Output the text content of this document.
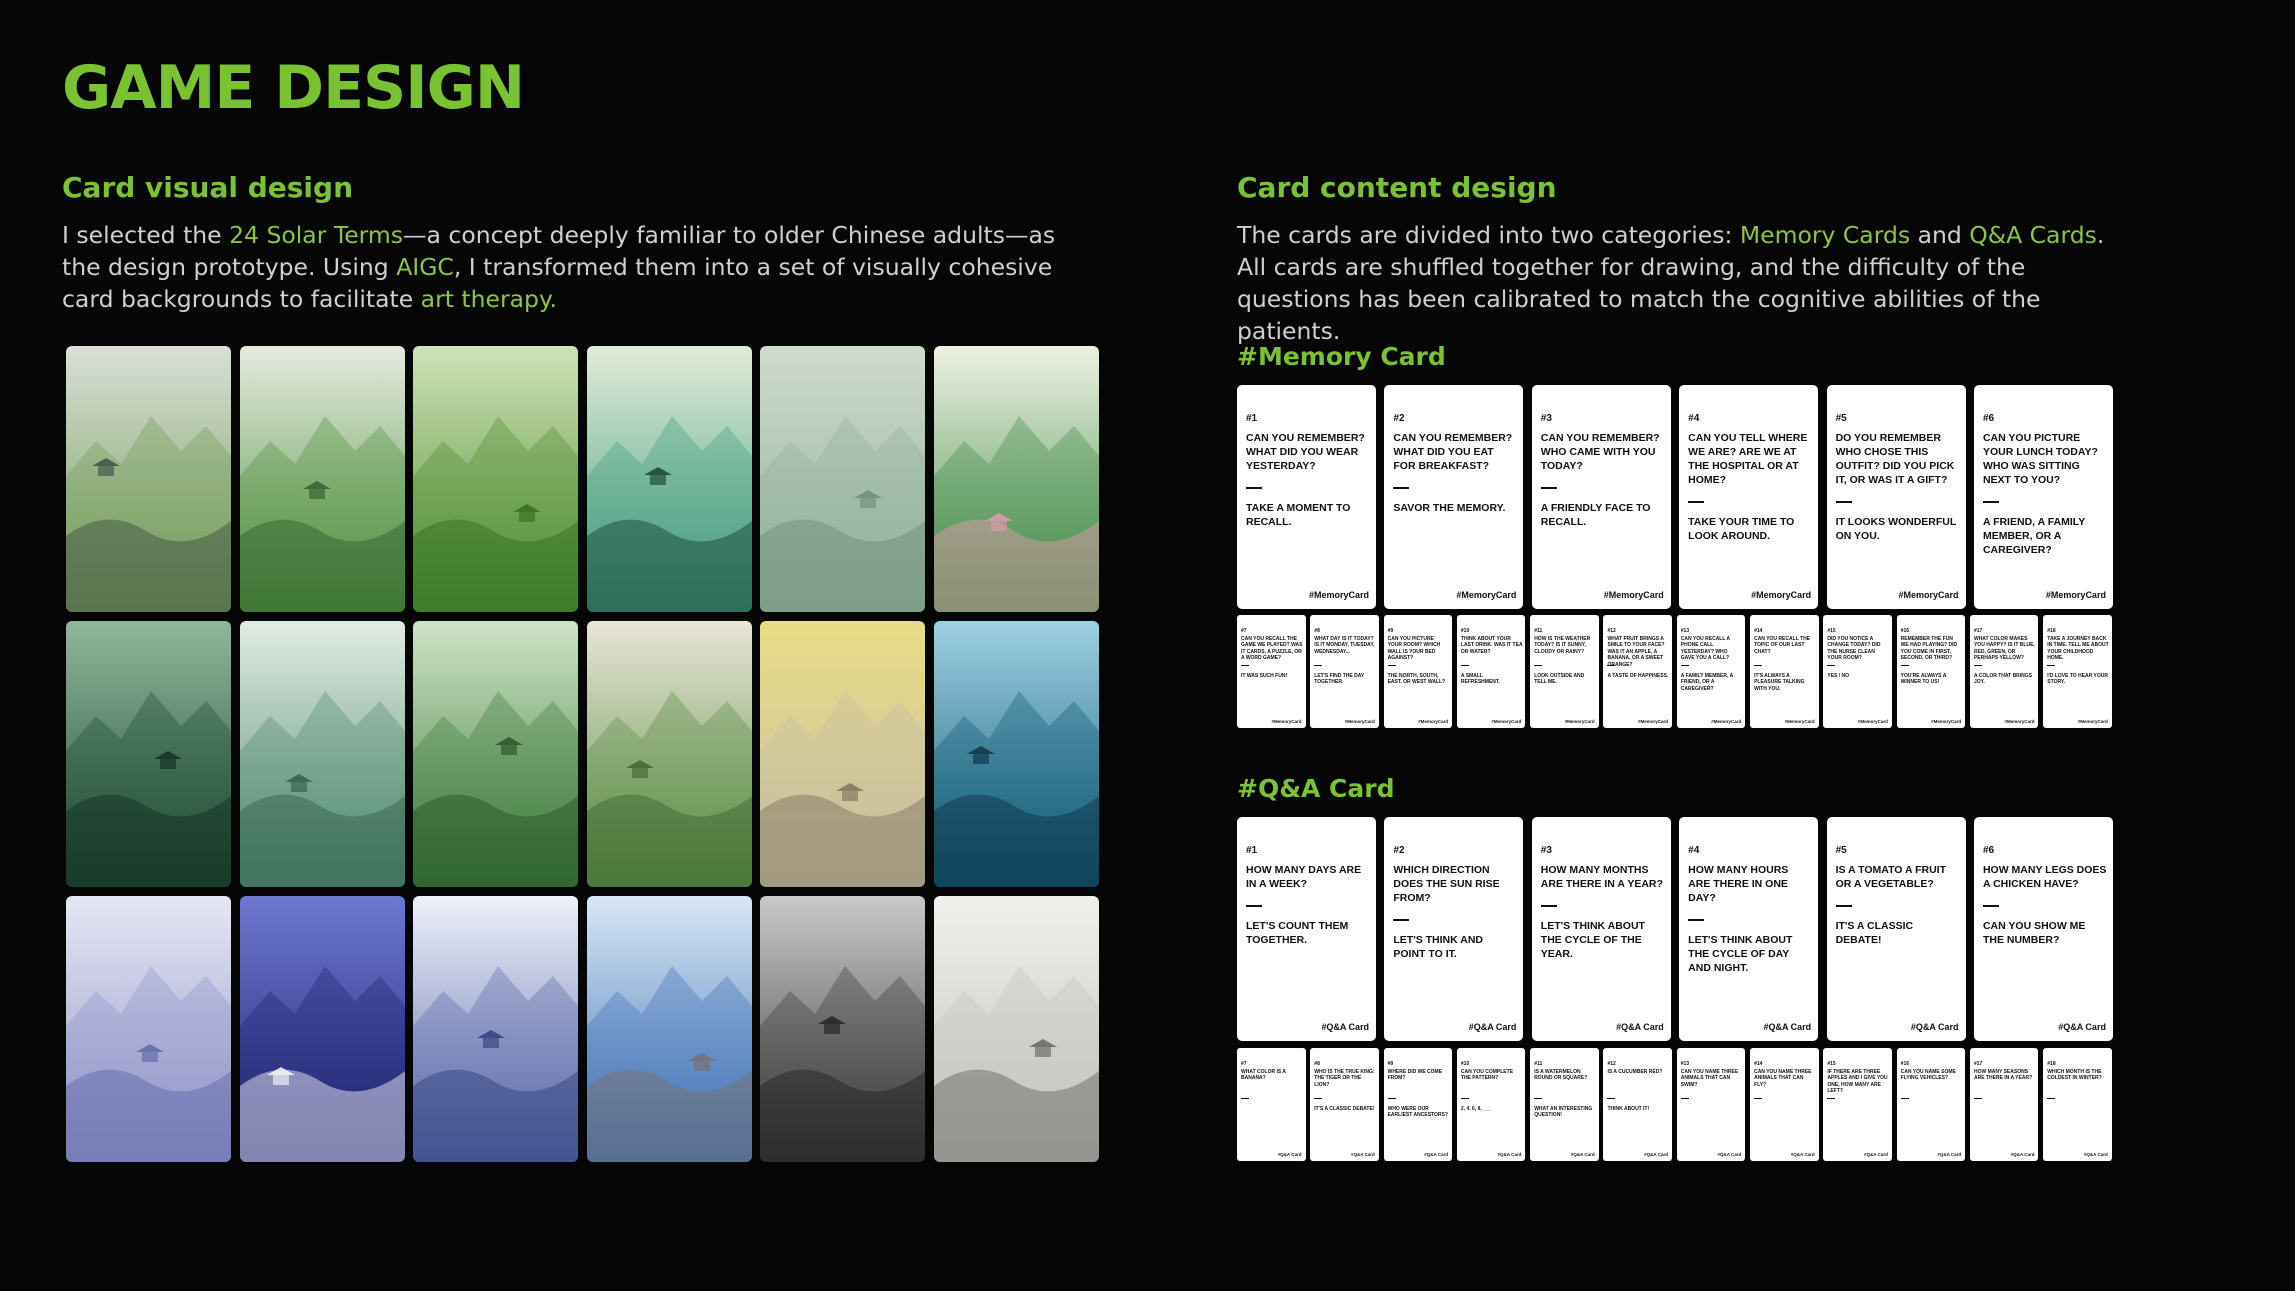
GAME DESIGN
Card visual design

I selected the 24 Solar Terms—a concept deeply familiar to older Chinese adults—as the design prototype. Using AIGC, I transformed them into a set of visually cohesive card backgrounds to facilitate art therapy.

Card content design

The cards are divided into two categories: Memory Cards and Q&A Cards. All cards are shuffled together for drawing, and the difficulty of the questions has been calibrated to match the cognitive abilities of the patients.

#Memory Card
#1
CAN YOU REMEMBER? WHAT DID YOU WEAR YESTERDAY?
TAKE A MOMENT TO RECALL.
#MemoryCard
#2
CAN YOU REMEMBER? WHAT DID YOU EAT FOR BREAKFAST?
SAVOR THE MEMORY.
#MemoryCard
#3
CAN YOU REMEMBER? WHO CAME WITH YOU TODAY?
A FRIENDLY FACE TO RECALL.
#MemoryCard
#4
CAN YOU TELL WHERE WE ARE? ARE WE AT THE HOSPITAL OR AT HOME?
TAKE YOUR TIME TO LOOK AROUND.
#MemoryCard
#5
DO YOU REMEMBER WHO CHOSE THIS OUTFIT? DID YOU PICK IT, OR WAS IT A GIFT?
IT LOOKS WONDERFUL ON YOU.
#MemoryCard
#6
CAN YOU PICTURE YOUR LUNCH TODAY? WHO WAS SITTING NEXT TO YOU?
A FRIEND, A FAMILY MEMBER, OR A CAREGIVER?
#MemoryCard
#7
CAN YOU RECALL THE GAME WE PLAYED? WAS IT CARDS, A PUZZLE, OR A WORD GAME?
IT WAS SUCH FUN!
#MemoryCard
#8
WHAT DAY IS IT TODAY? IS IT MONDAY, TUESDAY, WEDNESDAY...
LET'S FIND THE DAY TOGETHER.
#MemoryCard
#9
CAN YOU PICTURE YOUR ROOM? WHICH WALL IS YOUR BED AGAINST?
THE NORTH, SOUTH, EAST, OR WEST WALL?
#MemoryCard
#10
THINK ABOUT YOUR LAST DRINK. WAS IT TEA OR WATER?
A SMALL REFRESHMENT.
#MemoryCard
#11
HOW IS THE WEATHER TODAY? IS IT SUNNY, CLOUDY OR RAINY?
LOOK OUTSIDE AND TELL ME.
#MemoryCard
#12
WHAT FRUIT BRINGS A SMILE TO YOUR FACE? WAS IT AN APPLE, A BANANA, OR A SWEET ORANGE?
A TASTE OF HAPPINESS.
#MemoryCard
#13
CAN YOU RECALL A PHONE CALL YESTERDAY? WHO GAVE YOU A CALL?
A FAMILY MEMBER, A FRIEND, OR A CAREGIVER?
#MemoryCard
#14
CAN YOU RECALL THE TOPIC OF OUR LAST CHAT?
IT'S ALWAYS A PLEASURE TALKING WITH YOU.
#MemoryCard
#15
DID YOU NOTICE A CHANGE TODAY? DID THE NURSE CLEAN YOUR ROOM?
YES / NO
#MemoryCard
#16
REMEMBER THE FUN WE HAD PLAYING? DID YOU COME IN FIRST, SECOND, OR THIRD?
YOU'RE ALWAYS A WINNER TO US!
#MemoryCard
#17
WHAT COLOR MAKES YOU HAPPY? IS IT BLUE, RED, GREEN, OR PERHAPS YELLOW?
A COLOR THAT BRINGS JOY.
#MemoryCard
#18
TAKE A JOURNEY BACK IN TIME. TELL ME ABOUT YOUR CHILDHOOD HOME.
I'D LOVE TO HEAR YOUR STORY.
#MemoryCard
#Q&A Card
#1
HOW MANY DAYS ARE IN A WEEK?
LET'S COUNT THEM TOGETHER.
#Q&A Card
#2
WHICH DIRECTION DOES THE SUN RISE FROM?
LET'S THINK AND POINT TO IT.
#Q&A Card
#3
HOW MANY MONTHS ARE THERE IN A YEAR?
LET'S THINK ABOUT THE CYCLE OF THE YEAR.
#Q&A Card
#4
HOW MANY HOURS ARE THERE IN ONE DAY?
LET'S THINK ABOUT THE CYCLE OF DAY AND NIGHT.
#Q&A Card
#5
IS A TOMATO A FRUIT OR A VEGETABLE?
IT'S A CLASSIC DEBATE!
#Q&A Card
#6
HOW MANY LEGS DOES A CHICKEN HAVE?
CAN YOU SHOW ME THE NUMBER?
#Q&A Card
#7
WHAT COLOR IS A BANANA?
#Q&A Card
#8
WHO IS THE TRUE KING: THE TIGER OR THE LION?
IT'S A CLASSIC DEBATE!
#Q&A Card
#9
WHERE DID WE COME FROM?
WHO WERE OUR EARLIEST ANCESTORS?
#Q&A Card
#10
CAN YOU COMPLETE THE PATTERN?
2, 4, 6, 8, ___
#Q&A Card
#11
IS A WATERMELON ROUND OR SQUARE?
WHAT AN INTERESTING QUESTION!
#Q&A Card
#12
IS A CUCUMBER RED?
THINK ABOUT IT!
#Q&A Card
#13
CAN YOU NAME THREE ANIMALS THAT CAN SWIM?
#Q&A Card
#14
CAN YOU NAME THREE ANIMALS THAT CAN FLY?
#Q&A Card
#15
IF THERE ARE THREE APPLES AND I GIVE YOU ONE, HOW MANY ARE LEFT?
#Q&A Card
#16
CAN YOU NAME SOME FLYING VEHICLES?
#Q&A Card
#17
HOW MANY SEASONS ARE THERE IN A YEAR?
#Q&A Card
#18
WHICH MONTH IS THE COLDEST IN WINTER?
#Q&A Card
